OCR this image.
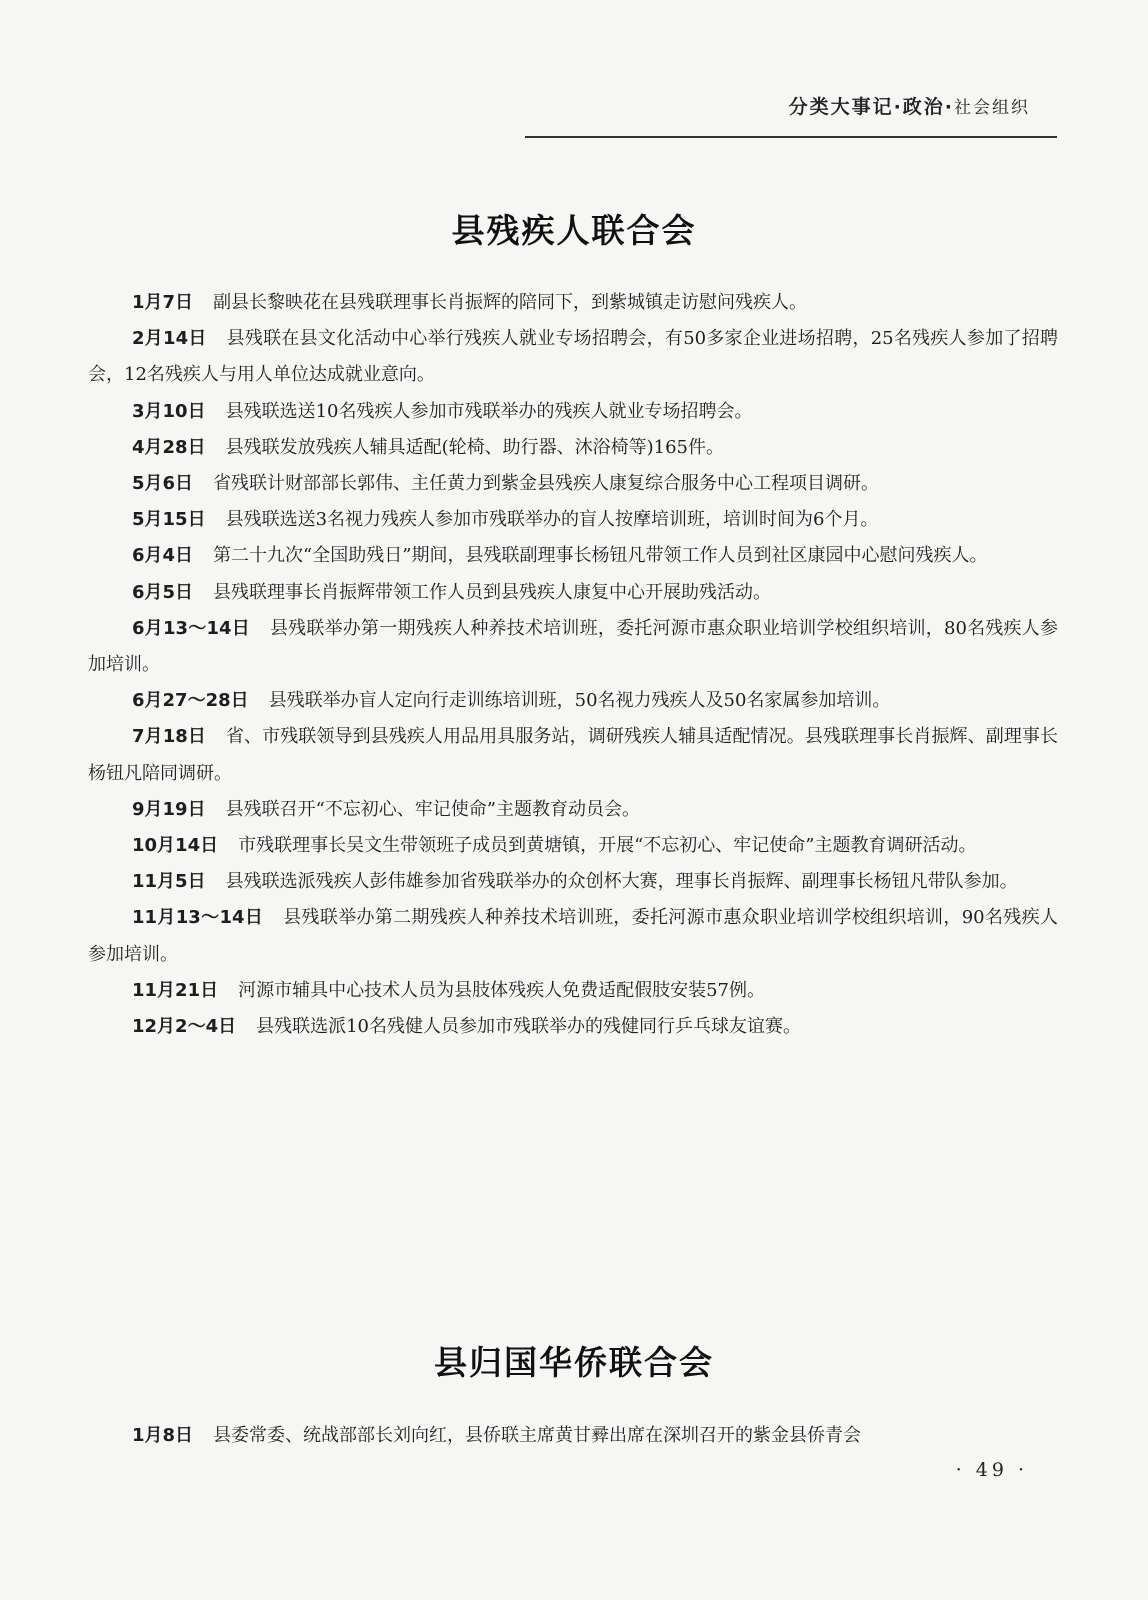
分类大事记·政治·社会组织
县残疾人联合会

1月7日 副县长黎映花在县残联理事长肖振辉的陪同下，到紫城镇走访慰问残疾人。

2月14日 县残联在县文化活动中心举行残疾人就业专场招聘会，有50多家企业进场招聘，25名残疾人参加了招聘会，12名残疾人与用人单位达成就业意向。

3月10日 县残联选送10名残疾人参加市残联举办的残疾人就业专场招聘会。

4月28日 县残联发放残疾人辅具适配(轮椅、助行器、沐浴椅等)165件。

5月6日 省残联计财部部长郭伟、主任黄力到紫金县残疾人康复综合服务中心工程项目调研。

5月15日 县残联选送3名视力残疾人参加市残联举办的盲人按摩培训班，培训时间为6个月。

6月4日 第二十九次“全国助残日”期间，县残联副理事长杨钮凡带领工作人员到社区康园中心慰问残疾人。

6月5日 县残联理事长肖振辉带领工作人员到县残疾人康复中心开展助残活动。

6月13～14日 县残联举办第一期残疾人种养技术培训班，委托河源市惠众职业培训学校组织培训，80名残疾人参加培训。

6月27～28日 县残联举办盲人定向行走训练培训班，50名视力残疾人及50名家属参加培训。

7月18日 省、市残联领导到县残疾人用品用具服务站，调研残疾人辅具适配情况。县残联理事长肖振辉、副理事长杨钮凡陪同调研。

9月19日 县残联召开“不忘初心、牢记使命”主题教育动员会。

10月14日 市残联理事长吴文生带领班子成员到黄塘镇，开展“不忘初心、牢记使命”主题教育调研活动。

11月5日 县残联选派残疾人彭伟雄参加省残联举办的众创杯大赛，理事长肖振辉、副理事长杨钮凡带队参加。

11月13～14日 县残联举办第二期残疾人种养技术培训班，委托河源市惠众职业培训学校组织培训，90名残疾人参加培训。

11月21日 河源市辅具中心技术人员为县肢体残疾人免费适配假肢安装57例。

12月2～4日 县残联选派10名残健人员参加市残联举办的残健同行乒乓球友谊赛。

县归国华侨联合会

1月8日 县委常委、统战部部长刘向红，县侨联主席黄甘彛出席在深圳召开的紫金县侨青会

· 49 ·
